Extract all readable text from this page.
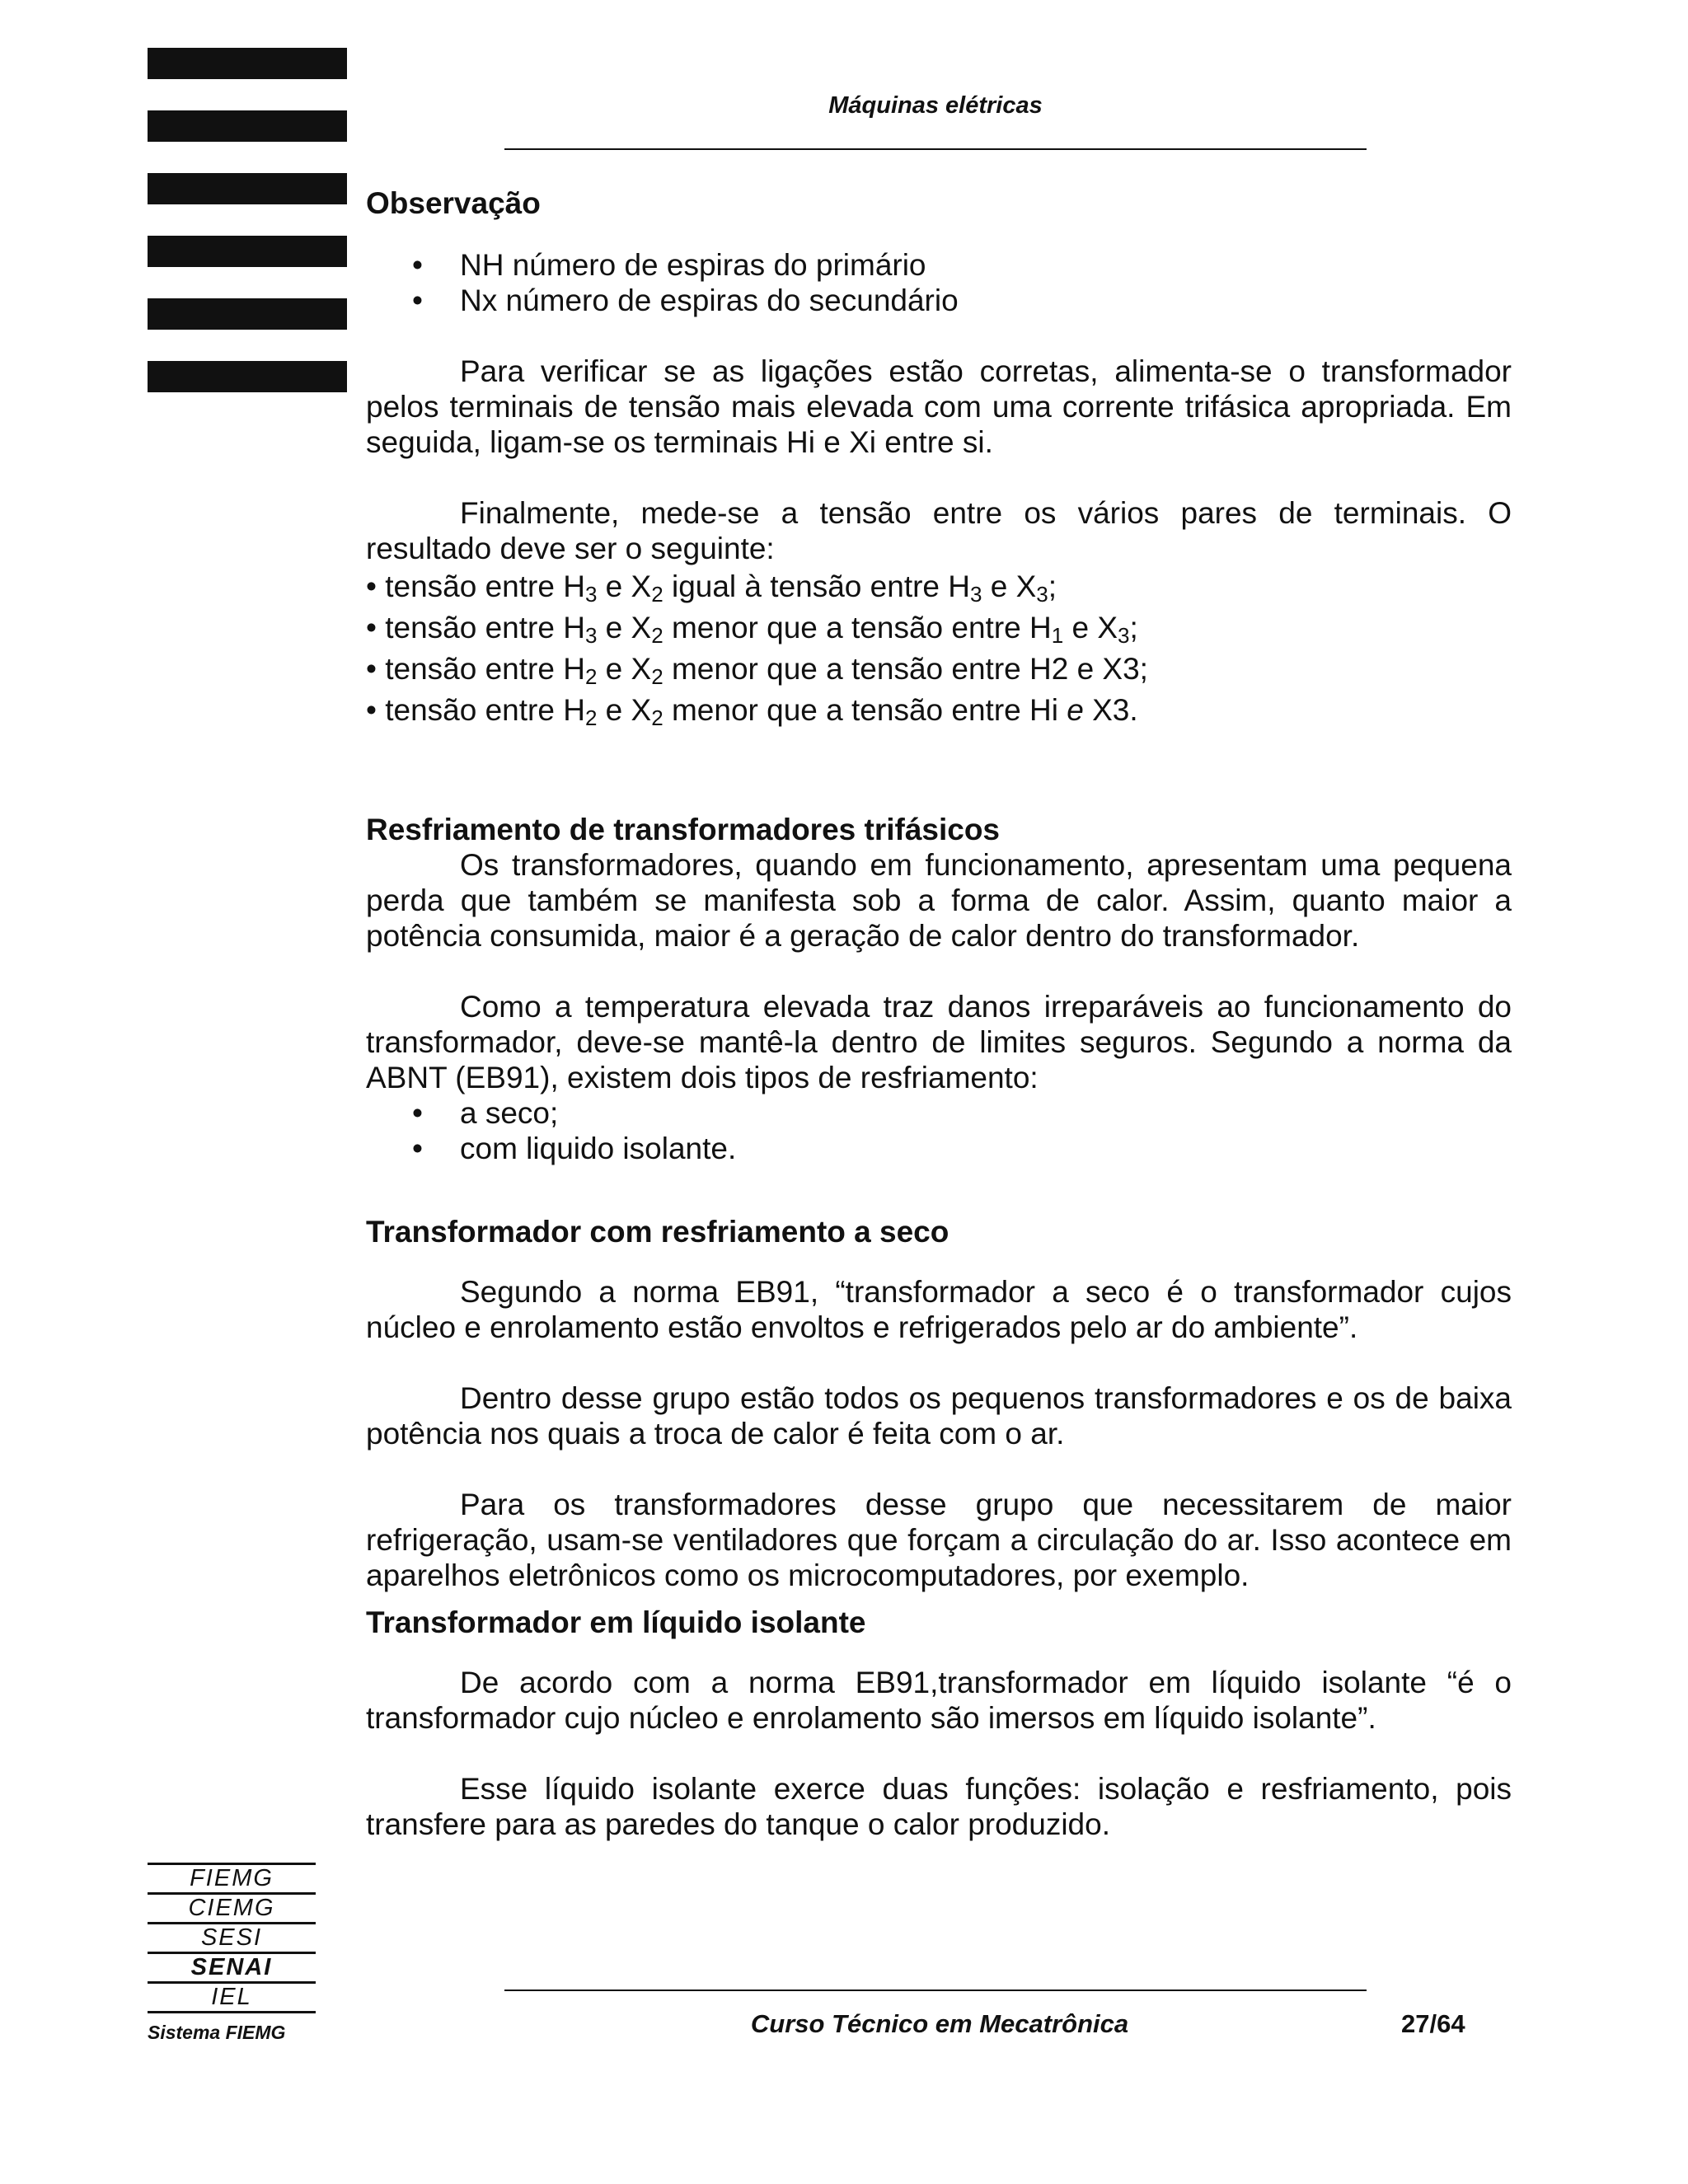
Máquinas elétricas
Observação
• NH número de espiras do primário
• Nx número de espiras do secundário

Para verificar se as ligações estão corretas, alimenta-se o transformador pelos terminais de tensão mais elevada com uma corrente trifásica apropriada. Em seguida, ligam-se os terminais Hi e Xi entre si.

Finalmente, mede-se a tensão entre os vários pares de terminais. O resultado deve ser o seguinte:

• tensão entre $H_3$ e $X_2$ igual à tensão entre $H_3$ e $X_3$;
• tensão entre $H_3$ e $X_2$ menor que a tensão entre $H_1$ e $X_3$;
• tensão entre $H_2$ e $X_2$ menor que a tensão entre H2 e X3;
• tensão entre $H_2$ e $X_2$ menor que a tensão entre Hi e X3.
Resfriamento de transformadores trifásicos

Os transformadores, quando em funcionamento, apresentam uma pequena perda que também se manifesta sob a forma de calor. Assim, quanto maior a potência consumida, maior é a geração de calor dentro do transformador.

Como a temperatura elevada traz danos irreparáveis ao funcionamento do transformador, deve-se mantê-la dentro de limites seguros. Segundo a norma da ABNT (EB91), existem dois tipos de resfriamento:

• a seco;
• com liquido isolante.
Transformador com resfriamento a seco

Segundo a norma EB91, “transformador a seco é o transformador cujos núcleo e enrolamento estão envoltos e refrigerados pelo ar do ambiente”.

Dentro desse grupo estão todos os pequenos transformadores e os de baixa potência nos quais a troca de calor é feita com o ar.

Para os transformadores desse grupo que necessitarem de maior refrigeração, usam-se ventiladores que forçam a circulação do ar. Isso acontece em aparelhos eletrônicos como os microcomputadores, por exemplo.

Transformador em líquido isolante

De acordo com a norma EB91,transformador em líquido isolante “é o transformador cujo núcleo e enrolamento são imersos em líquido isolante”.

Esse líquido isolante exerce duas funções: isolação e resfriamento, pois transfere para as paredes do tanque o calor produzido.

FIEMG
CIEMG
SESI
SENAI
IEL
Sistema FIEMG	Curso Técnico em Mecatrônica	27/64
